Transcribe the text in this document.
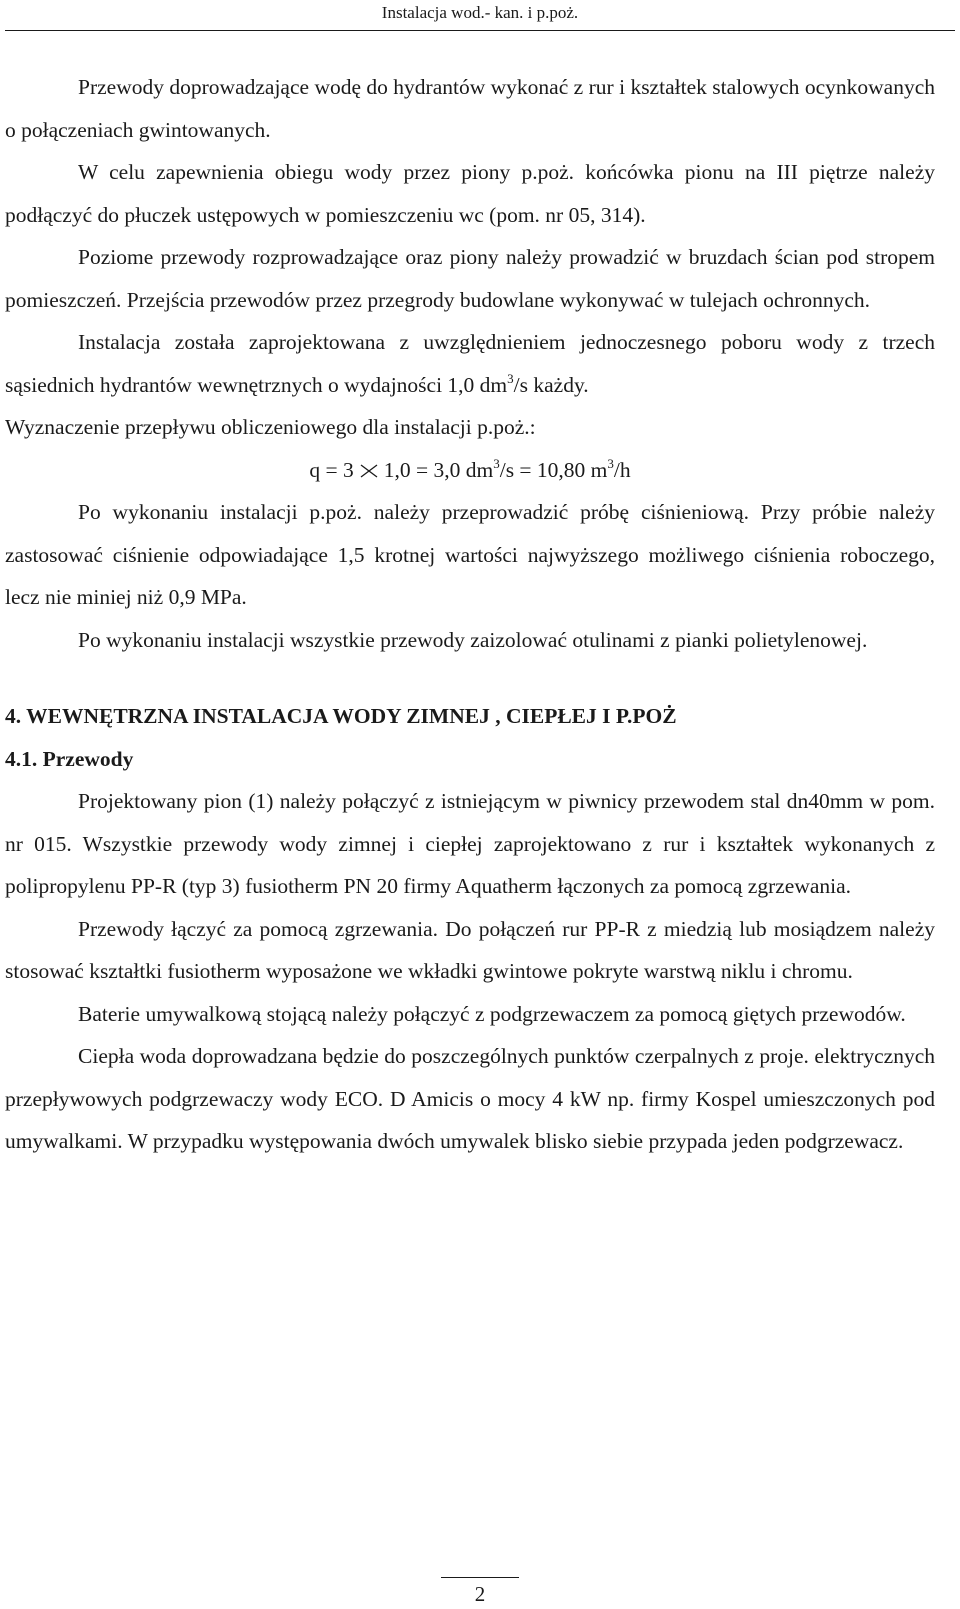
Instalacja wod.- kan. i p.poż.

Przewody doprowadzające wodę do hydrantów wykonać z rur i kształtek stalowych ocynkowanych o połączeniach gwintowanych.

W celu zapewnienia obiegu wody przez piony p.poż. końcówka pionu na III piętrze należy podłączyć do płuczek ustępowych w pomieszczeniu wc (pom. nr 05, 314).

Poziome przewody rozprowadzające oraz piony należy prowadzić w bruzdach ścian pod stropem pomieszczeń. Przejścia przewodów przez przegrody budowlane wykonywać w tulejach ochronnych.

Instalacja została zaprojektowana z uwzględnieniem jednoczesnego poboru wody z trzech sąsiednich hydrantów wewnętrznych o wydajności 1,0 $dm^3/s$ każdy.

Wyznaczenie przepływu obliczeniowego dla instalacji p.poż.:

q = 3 1,0 = 3,0 $dm^3/s = 10,80$ $m^3/h$

Po wykonaniu instalacji p.poż. należy przeprowadzić próbę ciśnieniową. Przy próbie należy zastosować ciśnienie odpowiadające 1,5 krotnej wartości najwyższego możliwego ciśnienia roboczego, lecz nie miniej niż 0,9 MPa.

Po wykonaniu instalacji wszystkie przewody zaizolować otulinami z pianki polietylenowej.

4. WEWNĘTRZNA INSTALACJA WODY ZIMNEJ , CIEPŁEJ I P.POŻ
4.1. Przewody

Projektowany pion (1) należy połączyć z istniejącym w piwnicy przewodem stal dn40mm w pom. nr 015. Wszystkie przewody wody zimnej i ciepłej zaprojektowano z rur i kształtek wykonanych z polipropylenu PP-R (typ 3) fusiotherm PN 20 firmy Aquatherm łączonych za pomocą zgrzewania.

Przewody łączyć za pomocą zgrzewania. Do połączeń rur PP-R z miedzią lub mosiądzem należy stosować kształtki fusiotherm wyposażone we wkładki gwintowe pokryte warstwą niklu i chromu.

Baterie umywalkową stojącą należy połączyć z podgrzewaczem za pomocą giętych przewodów.

Ciepła woda doprowadzana będzie do poszczególnych punktów czerpalnych z proje. elektrycznych przepływowych podgrzewaczy wody ECO. D Amicis o mocy 4 kW np. firmy Kospel umieszczonych pod umywalkami. W przypadku występowania dwóch umywalek blisko siebie przypada jeden podgrzewacz.

2
